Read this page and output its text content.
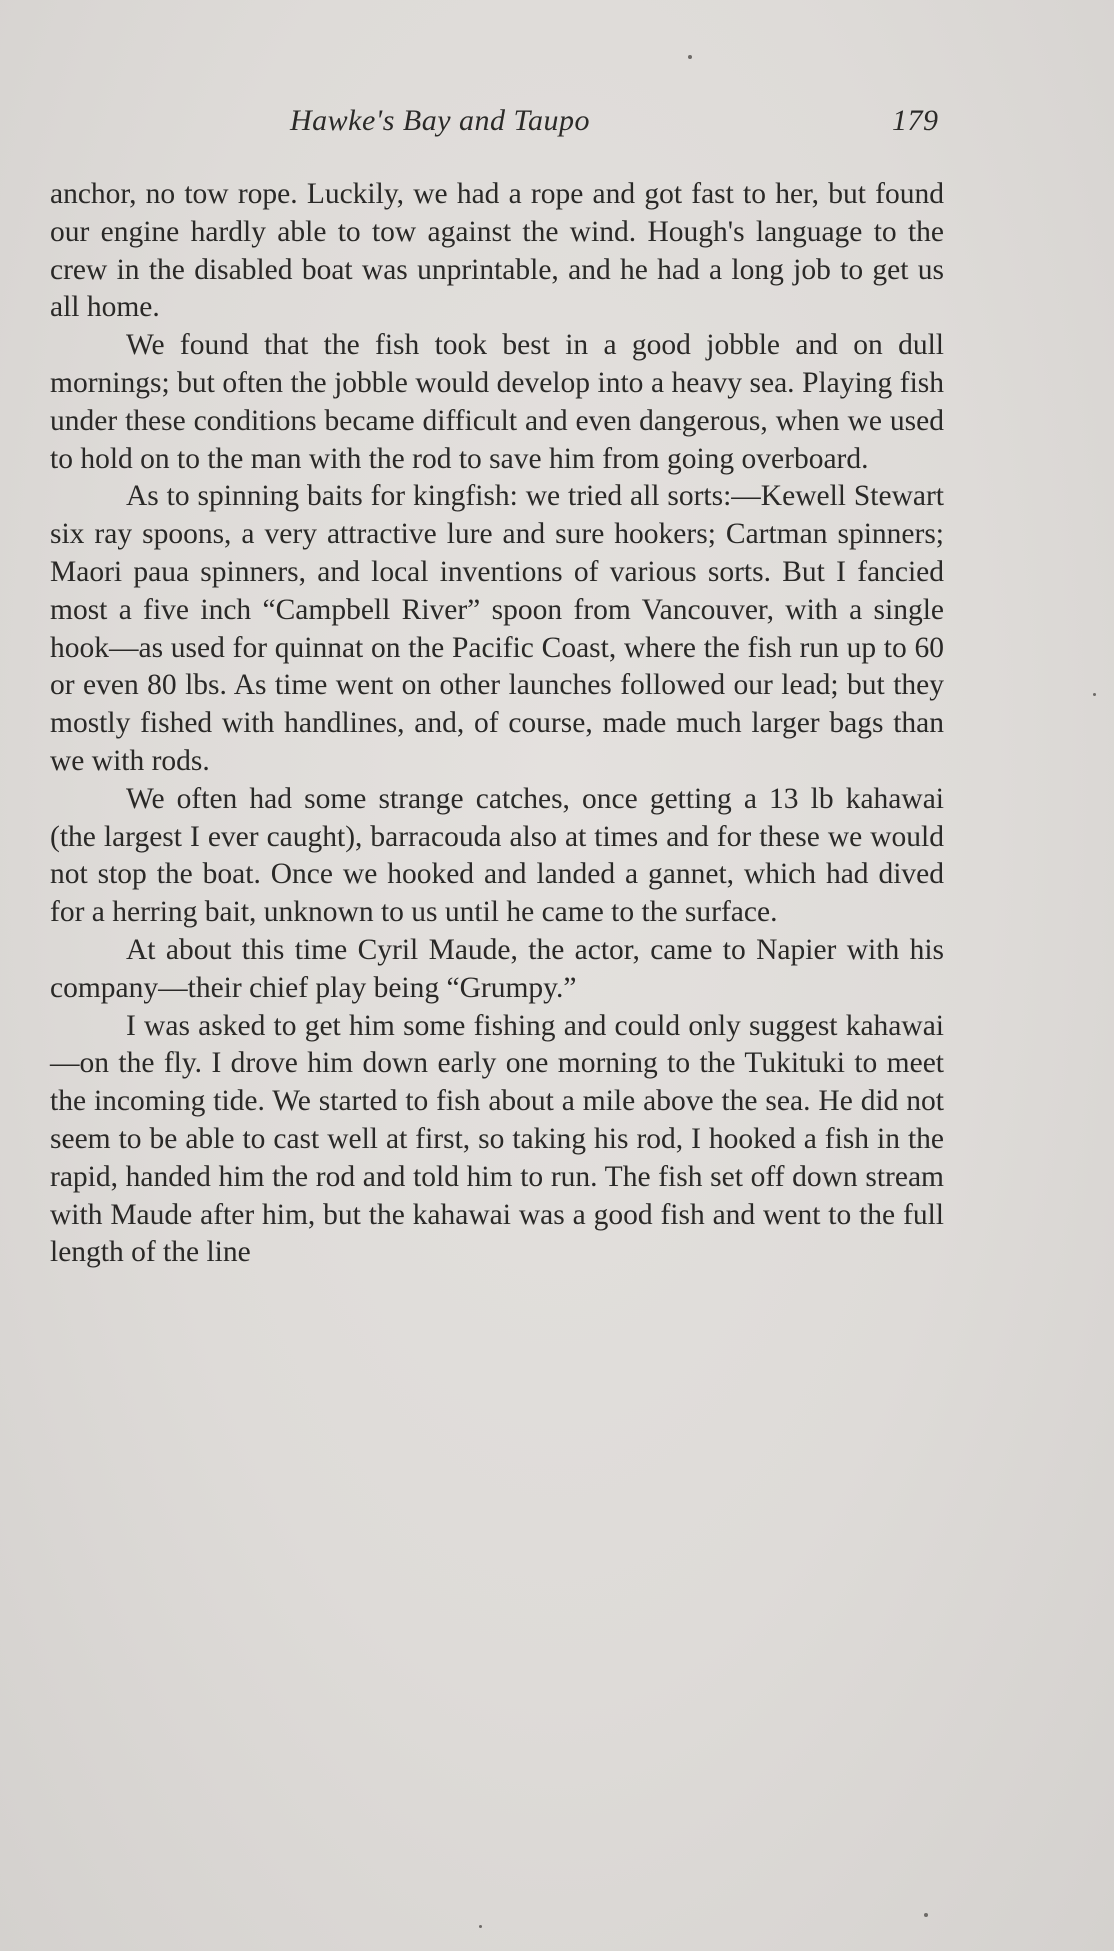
Hawke's Bay and Taupo	179

anchor, no tow rope. Luckily, we had a rope and got fast to her, but found our engine hardly able to tow against the wind. Hough's language to the crew in the disabled boat was unprintable, and he had a long job to get us all home.

We found that the fish took best in a good jobble and on dull mornings; but often the jobble would develop into a heavy sea. Playing fish under these conditions became difficult and even dangerous, when we used to hold on to the man with the rod to save him from going overboard.

As to spinning baits for kingfish: we tried all sorts:—Kewell Stewart six ray spoons, a very attractive lure and sure hookers; Cartman spinners; Maori paua spinners, and local inventions of various sorts. But I fancied most a five inch “Campbell River” spoon from Vancouver, with a single hook—as used for quinnat on the Pacific Coast, where the fish run up to 60 or even 80 lbs. As time went on other launches followed our lead; but they mostly fished with handlines, and, of course, made much larger bags than we with rods.

We often had some strange catches, once getting a 13 lb kahawai (the largest I ever caught), barracouda also at times and for these we would not stop the boat. Once we hooked and landed a gannet, which had dived for a herring bait, unknown to us until he came to the surface.

At about this time Cyril Maude, the actor, came to Napier with his company—their chief play being “Grumpy.”

I was asked to get him some fishing and could only suggest kahawai—on the fly. I drove him down early one morning to the Tukituki to meet the incoming tide. We started to fish about a mile above the sea. He did not seem to be able to cast well at first, so taking his rod, I hooked a fish in the rapid, handed him the rod and told him to run. The fish set off down stream with Maude after him, but the kahawai was a good fish and went to the full length of the line
